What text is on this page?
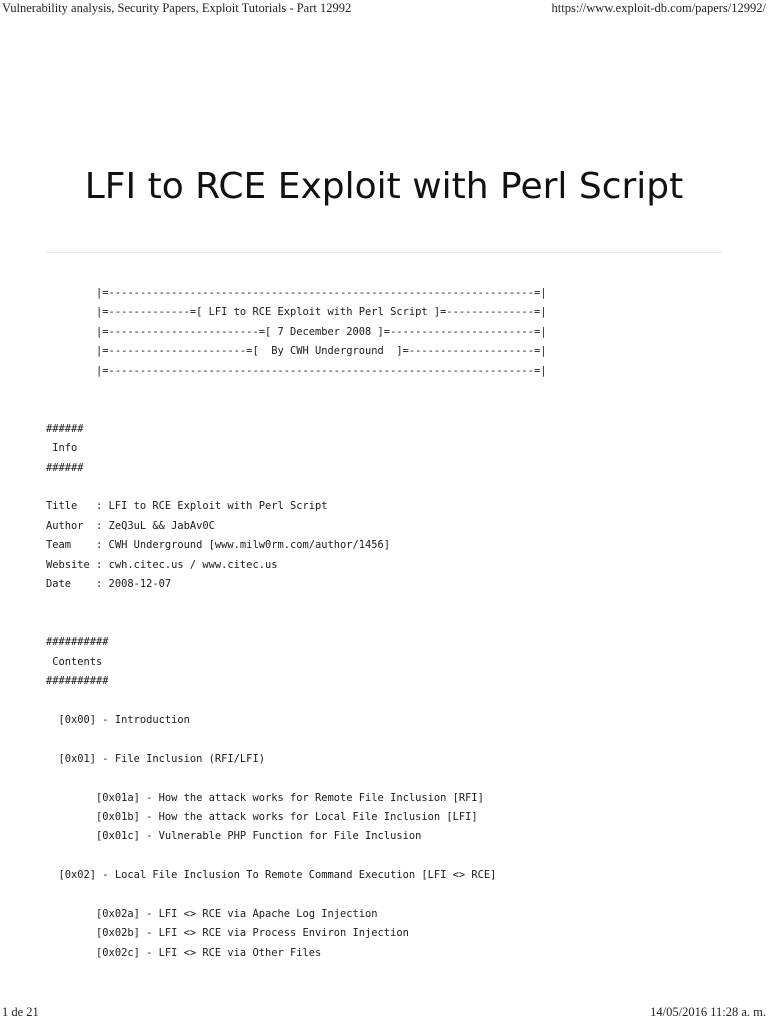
Vulnerability analysis, Security Papers, Exploit Tutorials - Part 12992	https://www.exploit-db.com/papers/12992/
LFI to RCE Exploit with Perl Script
|=--------------------------------------------------------------------=|
|=-------------=[ LFI to RCE Exploit with Perl Script ]=--------------=|
|=------------------------=[ 7 December 2008 ]=-----------------------=|
|=----------------------=[  By CWH Underground  ]=--------------------=|
|=--------------------------------------------------------------------=|

######
Info
######

Title   : LFI to RCE Exploit with Perl Script
Author  : ZeQ3uL && JabAv0C
Team    : CWH Underground [www.milw0rm.com/author/1456]
Website : cwh.citec.us / www.citec.us
Date    : 2008-12-07

##########
Contents
##########

[0x00] - Introduction

[0x01] - File Inclusion (RFI/LFI)

[0x01a] - How the attack works for Remote File Inclusion [RFI]
[0x01b] - How the attack works for Local File Inclusion [LFI]
[0x01c] - Vulnerable PHP Function for File Inclusion

[0x02] - Local File Inclusion To Remote Command Execution [LFI <> RCE]

[0x02a] - LFI <> RCE via Apache Log Injection
[0x02b] - LFI <> RCE via Process Environ Injection
[0x02c] - LFI <> RCE via Other Files
1 de 21	14/05/2016 11:28 a. m.
